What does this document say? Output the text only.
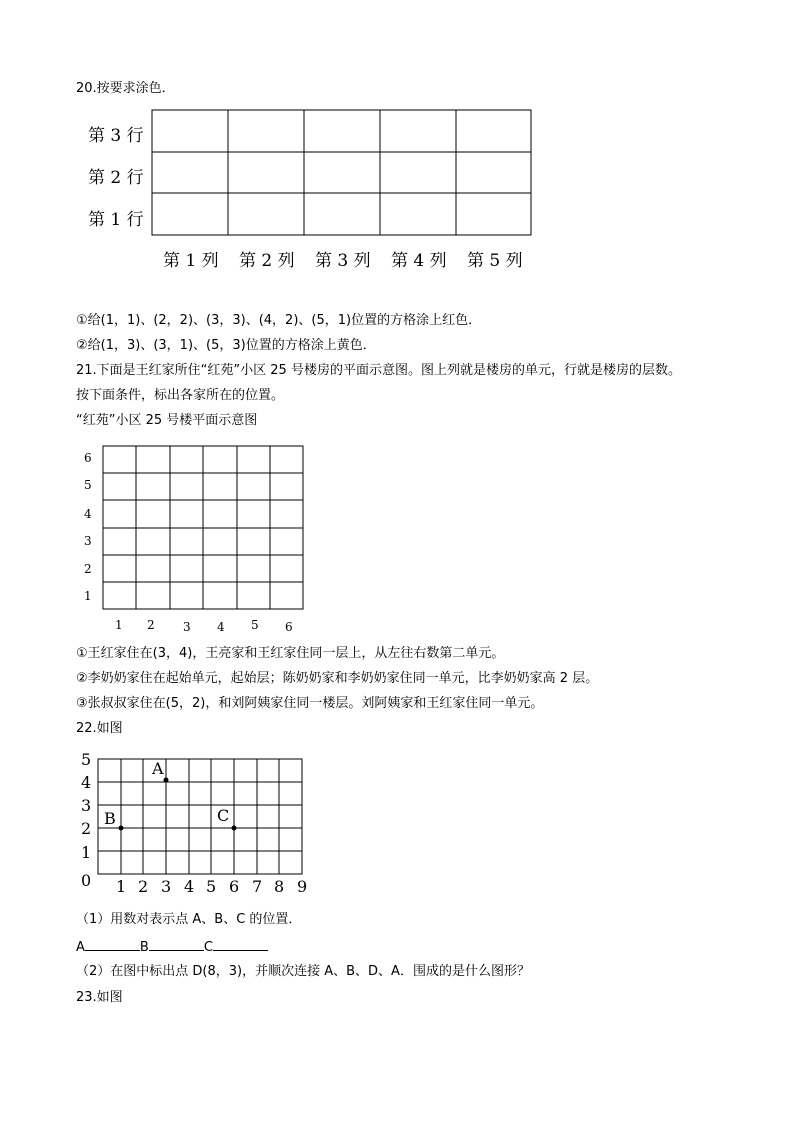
20.按要求涂色．
第 3 行
第 2 行
第 1 行
第 1 列 第 2 列 第 3 列 第 4 列 第 5 列
①给(1，1)、(2，2)、(3，3)、(4，2)、(5，1)位置的方格涂上红色．
②给(1，3)、(3，1)、(5，3)位置的方格涂上黄色．
21.下面是王红家所住“红苑”小区 25 号楼房的平面示意图。图上列就是楼房的单元，行就是楼房的层数。
按下面条件，标出各家所在的位置。
“红苑”小区 25 号楼平面示意图
6
5
4
3
2
1
1 2 3 4 5 6
①王红家住在(3，4)，王亮家和王红家住同一层上，从左往右数第二单元。
②李奶奶家住在起始单元，起始层；陈奶奶家和李奶奶家住同一单元，比李奶奶家高 2 层。
③张叔叔家住在(5，2)，和刘阿姨家住同一楼层。刘阿姨家和王红家住同一单元。
22.如图
A
B	C
5
4
3
2
1
0 1 2 3 4 5 6 7 8 9
（1）用数对表示点 A、B、C 的位置．
A	B	C
（2）在图中标出点 D(8，3)，并顺次连接 A、B、D、A．围成的是什么图形？
23.如图
